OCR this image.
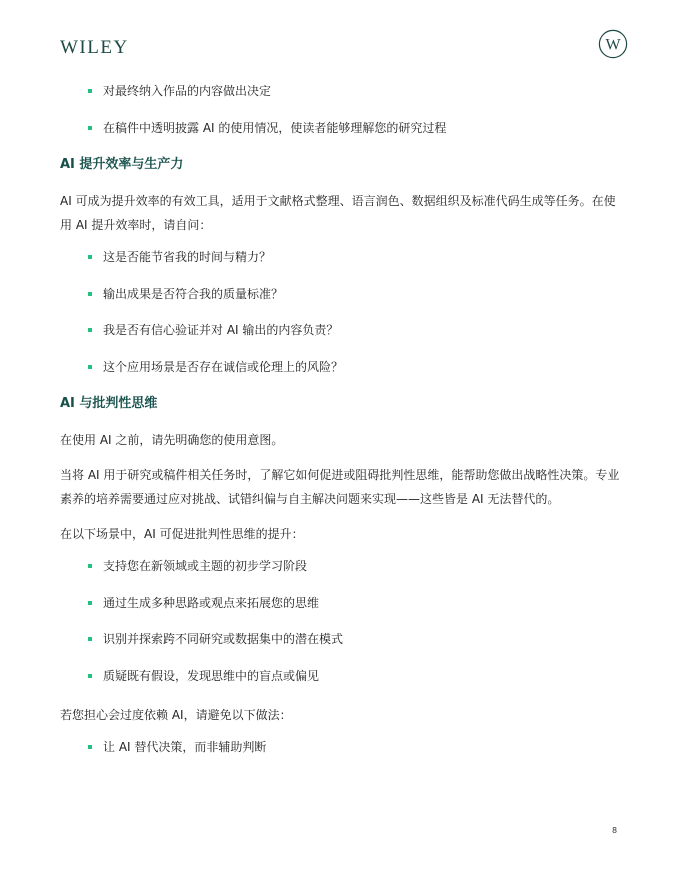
WILEY	W
对最终纳入作品的内容做出决定
在稿件中透明披露 AI 的使用情况，使读者能够理解您的研究过程
AI 提升效率与生产力

AI 可成为提升效率的有效工具，适用于文献格式整理、语言润色、数据组织及标准代码生成等任务。在使用 AI 提升效率时，请自问：

这是否能节省我的时间与精力？
输出成果是否符合我的质量标准？
我是否有信心验证并对 AI 输出的内容负责？
这个应用场景是否存在诚信或伦理上的风险？
AI 与批判性思维

在使用 AI 之前，请先明确您的使用意图。

当将 AI 用于研究或稿件相关任务时，了解它如何促进或阻碍批判性思维，能帮助您做出战略性决策。专业素养的培养需要通过应对挑战、试错纠偏与自主解决问题来实现——这些皆是 AI 无法替代的。

在以下场景中，AI 可促进批判性思维的提升：

支持您在新领域或主题的初步学习阶段
通过生成多种思路或观点来拓展您的思维
识别并探索跨不同研究或数据集中的潜在模式
质疑既有假设，发现思维中的盲点或偏见

若您担心会过度依赖 AI，请避免以下做法：

让 AI 替代决策，而非辅助判断
8
